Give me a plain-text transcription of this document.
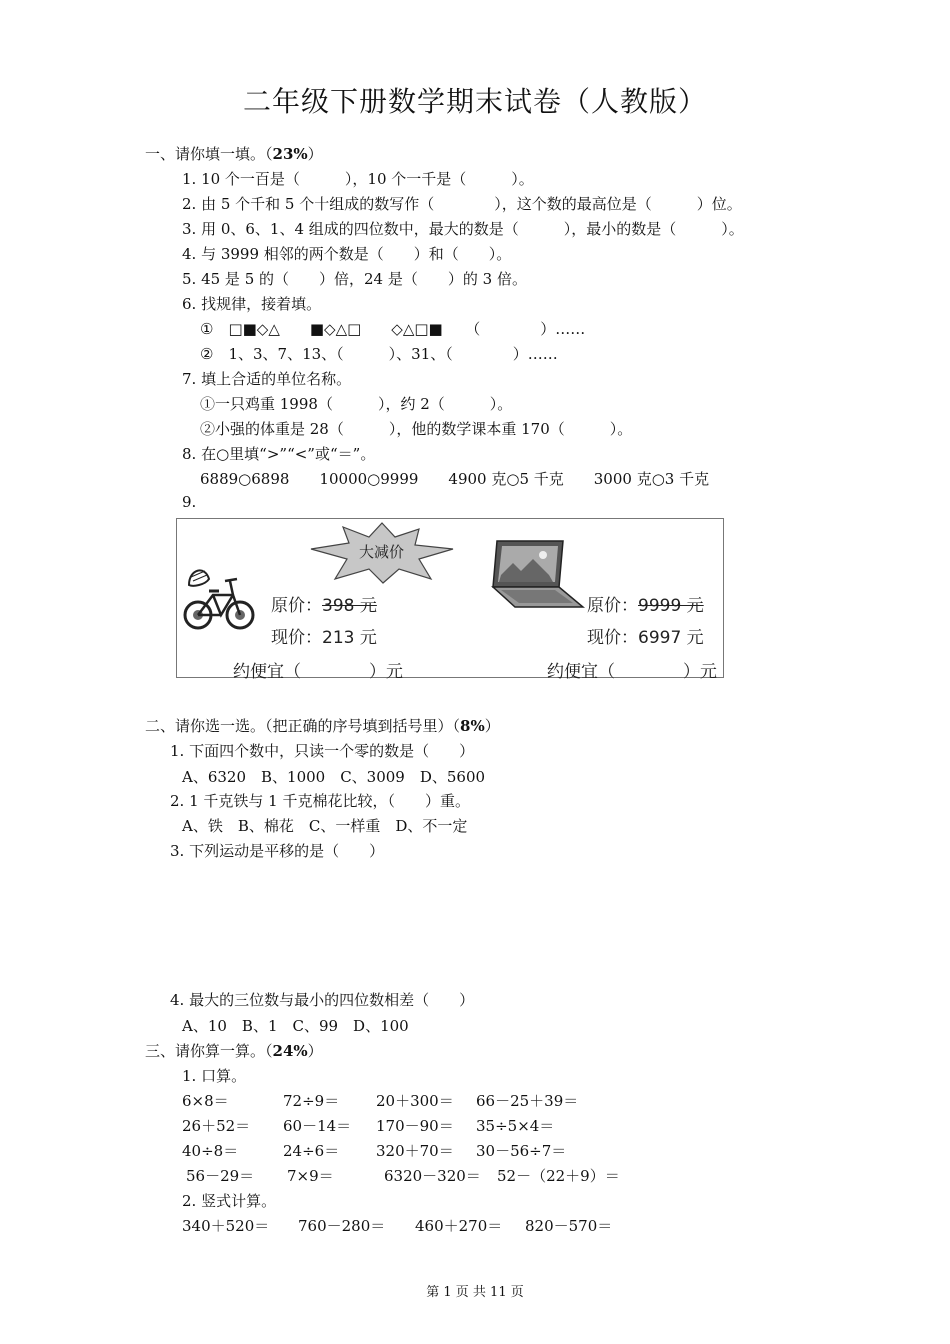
二年级下册数学期末试卷（人教版）
一、请你填一填。（23%）
1. 10 个一百是（　　　），10 个一千是（　　　）。
2. 由 5 个千和 5 个十组成的数写作（　　　　），这个数的最高位是（　　　）位。
3. 用 0、6、1、4 组成的四位数中，最大的数是（　　　），最小的数是（　　　）。
4. 与 3999 相邻的两个数是（　　）和（　　）。
5. 45 是 5 的（　　）倍，24 是（　　）的 3 倍。
6. 找规律，接着填。
①　□■◇△　　■◇△□　　◇△□■　　（　　　　）……
②　1、3、7、13、（　　　）、31、（　　　　）……
7. 填上合适的单位名称。
①一只鸡重 1998（　　　），约 2（　　　）。
②小强的体重是 28（　　　），他的数学课本重 170（　　　）。
8. 在○里填“>”“<”或“＝”。
6889○6898　　10000○9999　　4900 克○5 千克　　3000 克○3 千克
9.
大减价
原价：398 元
现价：213 元
约便宜（　　　　）元
原价：9999 元
现价：6997 元
约便宜（　　　　）元
二、请你选一选。（把正确的序号填到括号里）（8%）
1. 下面四个数中，只读一个零的数是（　　）
A、6320　B、1000　C、3009　D、5600
2. 1 千克铁与 1 千克棉花比较，（　　）重。
A、铁　B、棉花　C、一样重　D、不一定
3. 下列运动是平移的是（　　）
4. 最大的三位数与最小的四位数相差（　　）
A、10　B、1　C、99　D、100
三、请你算一算。（24%）
1. 口算。
6×8＝	72÷9＝ 20＋300＝ 66－25＋39＝
26＋52＝ 60－14＝ 170－90＝ 35÷5×4＝
40÷8＝	24÷6＝ 320＋70＝ 30－56÷7＝
56－29＝ 7×9＝	6320－320＝ 52－（22＋9）＝
2. 竖式计算。
340＋520＝ 760－280＝ 460＋270＝ 820－570＝
第 1 页 共 11 页
